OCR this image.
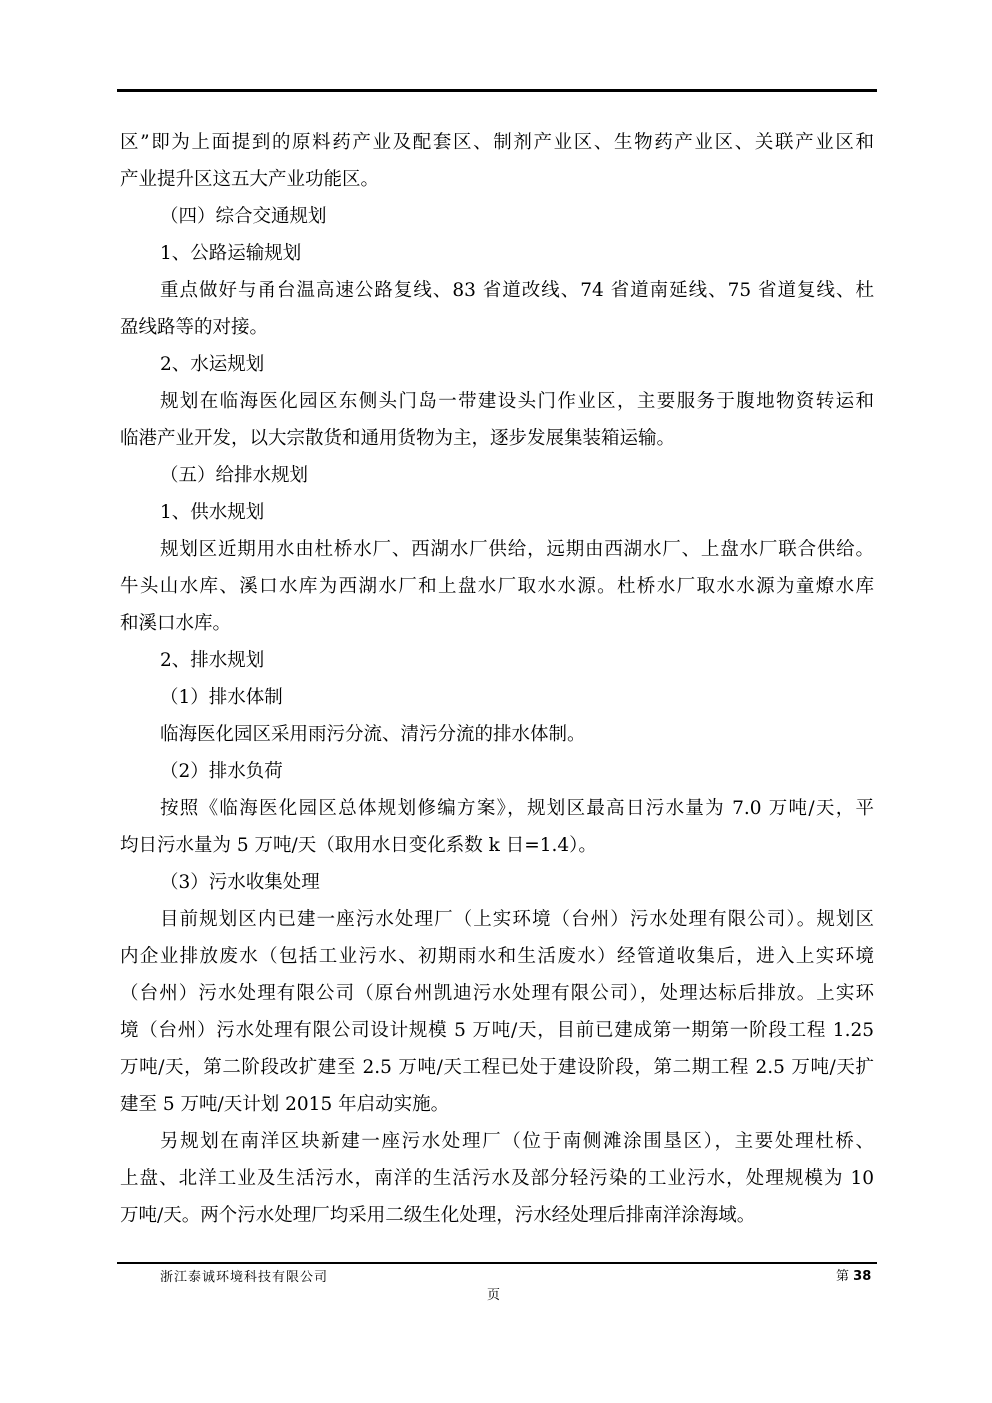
区”即为上面提到的原料药产业及配套区、制剂产业区、生物药产业区、关联产业区和
产业提升区这五大产业功能区。
（四）综合交通规划
1、公路运输规划
重点做好与甬台温高速公路复线、83 省道改线、74 省道南延线、75 省道复线、杜
盈线路等的对接。
2、水运规划
规划在临海医化园区东侧头门岛一带建设头门作业区，主要服务于腹地物资转运和
临港产业开发，以大宗散货和通用货物为主，逐步发展集装箱运输。
（五）给排水规划
1、供水规划
规划区近期用水由杜桥水厂、西湖水厂供给，远期由西湖水厂、上盘水厂联合供给。
牛头山水库、溪口水库为西湖水厂和上盘水厂取水水源。杜桥水厂取水水源为童燎水库
和溪口水库。
2、排水规划
（1）排水体制
临海医化园区采用雨污分流、清污分流的排水体制。
（2）排水负荷
按照《临海医化园区总体规划修编方案》，规划区最高日污水量为 7.0 万吨/天，平
均日污水量为 5 万吨/天（取用水日变化系数 k 日=1.4）。
（3）污水收集处理
目前规划区内已建一座污水处理厂（上实环境（台州）污水处理有限公司）。规划区
内企业排放废水（包括工业污水、初期雨水和生活废水）经管道收集后，进入上实环境
（台州）污水处理有限公司（原台州凯迪污水处理有限公司），处理达标后排放。上实环
境（台州）污水处理有限公司设计规模 5 万吨/天，目前已建成第一期第一阶段工程 1.25
万吨/天，第二阶段改扩建至 2.5 万吨/天工程已处于建设阶段，第二期工程 2.5 万吨/天扩
建至 5 万吨/天计划 2015 年启动实施。
另规划在南洋区块新建一座污水处理厂（位于南侧滩涂围垦区），主要处理杜桥、
上盘、北洋工业及生活污水，南洋的生活污水及部分轻污染的工业污水，处理规模为 10
万吨/天。两个污水处理厂均采用二级生化处理，污水经处理后排南洋涂海域。
浙江泰诚环境科技有限公司	第 38
页
